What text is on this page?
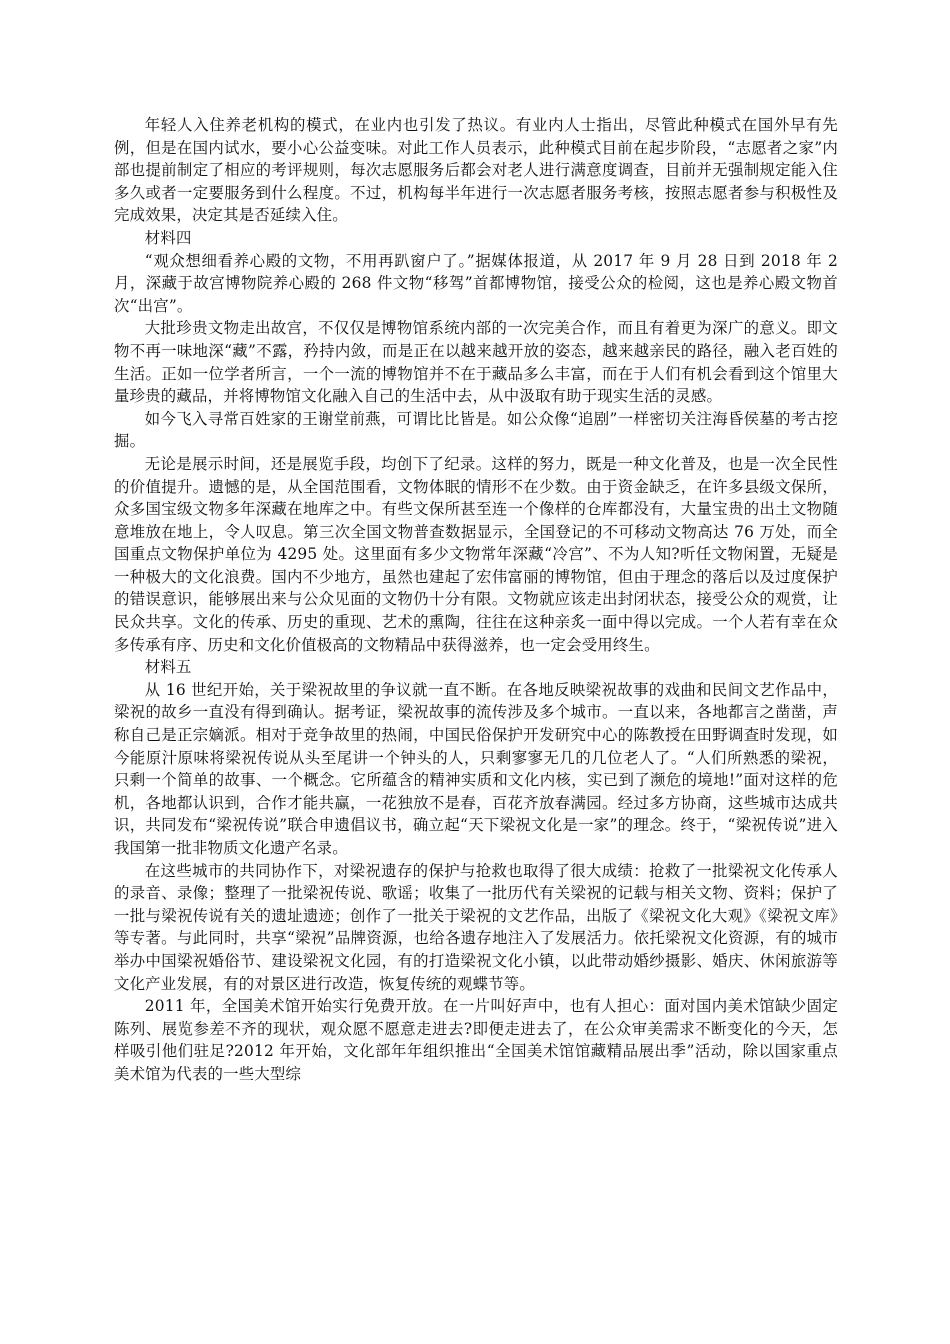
年轻人入住养老机构的模式，在业内也引发了热议。有业内人士指出，尽管此种模式在国外早有先例，但是在国内试水，要小心公益变味。对此工作人员表示，此种模式目前在起步阶段，“志愿者之家”内部也提前制定了相应的考评规则，每次志愿服务后都会对老人进行满意度调查，目前并无强制规定能入住多久或者一定要服务到什么程度。不过，机构每半年进行一次志愿者服务考核，按照志愿者参与积极性及完成效果，决定其是否延续入住。

材料四

“观众想细看养心殿的文物，不用再趴窗户了。”据媒体报道，从 2017 年 9 月 28 日到 2018 年 2 月，深藏于故宫博物院养心殿的 268 件文物“移驾”首都博物馆，接受公众的检阅，这也是养心殿文物首次“出宫”。

大批珍贵文物走出故宫，不仅仅是博物馆系统内部的一次完美合作，而且有着更为深广的意义。即文物不再一味地深“藏”不露，矜持内敛，而是正在以越来越开放的姿态，越来越亲民的路径，融入老百姓的生活。正如一位学者所言，一个一流的博物馆并不在于藏品多么丰富，而在于人们有机会看到这个馆里大量珍贵的藏品，并将博物馆文化融入自己的生活中去，从中汲取有助于现实生活的灵感。

如今飞入寻常百姓家的王谢堂前燕，可谓比比皆是。如公众像“追剧”一样密切关注海昏侯墓的考古挖掘。

无论是展示时间，还是展览手段，均创下了纪录。这样的努力，既是一种文化普及，也是一次全民性的价值提升。遗憾的是，从全国范围看，文物体眠的情形不在少数。由于资金缺乏，在许多县级文保所，众多国宝级文物多年深藏在地库之中。有些文保所甚至连一个像样的仓库都没有，大量宝贵的出土文物随意堆放在地上，令人叹息。第三次全国文物普查数据显示，全国登记的不可移动文物高达 76 万处，而全国重点文物保护单位为 4295 处。这里面有多少文物常年深藏“冷宫”、不为人知?听任文物闲置，无疑是一种极大的文化浪费。国内不少地方，虽然也建起了宏伟富丽的博物馆，但由于理念的落后以及过度保护的错误意识，能够展出来与公众见面的文物仍十分有限。文物就应该走出封闭状态，接受公众的观赏，让民众共享。文化的传承、历史的重现、艺术的熏陶，往往在这种亲炙一面中得以完成。一个人若有幸在众多传承有序、历史和文化价值极高的文物精品中获得滋养，也一定会受用终生。

材料五

从 16 世纪开始，关于梁祝故里的争议就一直不断。在各地反映梁祝故事的戏曲和民间文艺作品中，梁祝的故乡一直没有得到确认。据考证，梁祝故事的流传涉及多个城市。一直以来，各地都言之凿凿，声称自己是正宗嫡派。相对于竞争故里的热闹，中国民俗保护开发研究中心的陈教授在田野调查时发现，如今能原汁原味将梁祝传说从头至尾讲一个钟头的人，只剩寥寥无几的几位老人了。“人们所熟悉的梁祝，只剩一个简单的故事、一个概念。它所蕴含的精神实质和文化内核，实已到了濒危的境地!”面对这样的危机，各地都认识到，合作才能共赢，一花独放不是春，百花齐放春满园。经过多方协商，这些城市达成共识，共同发布“梁祝传说”联合申遗倡议书，确立起“天下梁祝文化是一家”的理念。终于，“梁祝传说”进入我国第一批非物质文化遗产名录。

在这些城市的共同协作下，对梁祝遗存的保护与抢救也取得了很大成绩：抢救了一批梁祝文化传承人的录音、录像；整理了一批梁祝传说、歌谣；收集了一批历代有关梁祝的记载与相关文物、资料；保护了一批与梁祝传说有关的遗址遗迹；创作了一批关于梁祝的文艺作品，出版了《梁祝文化大观》《梁祝文库》等专著。与此同时，共享“梁祝”品牌资源，也给各遗存地注入了发展活力。依托梁祝文化资源，有的城市举办中国梁祝婚俗节、建设梁祝文化园，有的打造梁祝文化小镇，以此带动婚纱摄影、婚庆、休闲旅游等文化产业发展，有的对景区进行改造，恢复传统的观蝶节等。

2011 年，全国美术馆开始实行免费开放。在一片叫好声中，也有人担心：面对国内美术馆缺少固定陈列、展览参差不齐的现状，观众愿不愿意走进去?即便走进去了，在公众审美需求不断变化的今天，怎样吸引他们驻足?2012 年开始，文化部年年组织推出“全国美术馆馆藏精品展出季”活动，除以国家重点美术馆为代表的一些大型综
